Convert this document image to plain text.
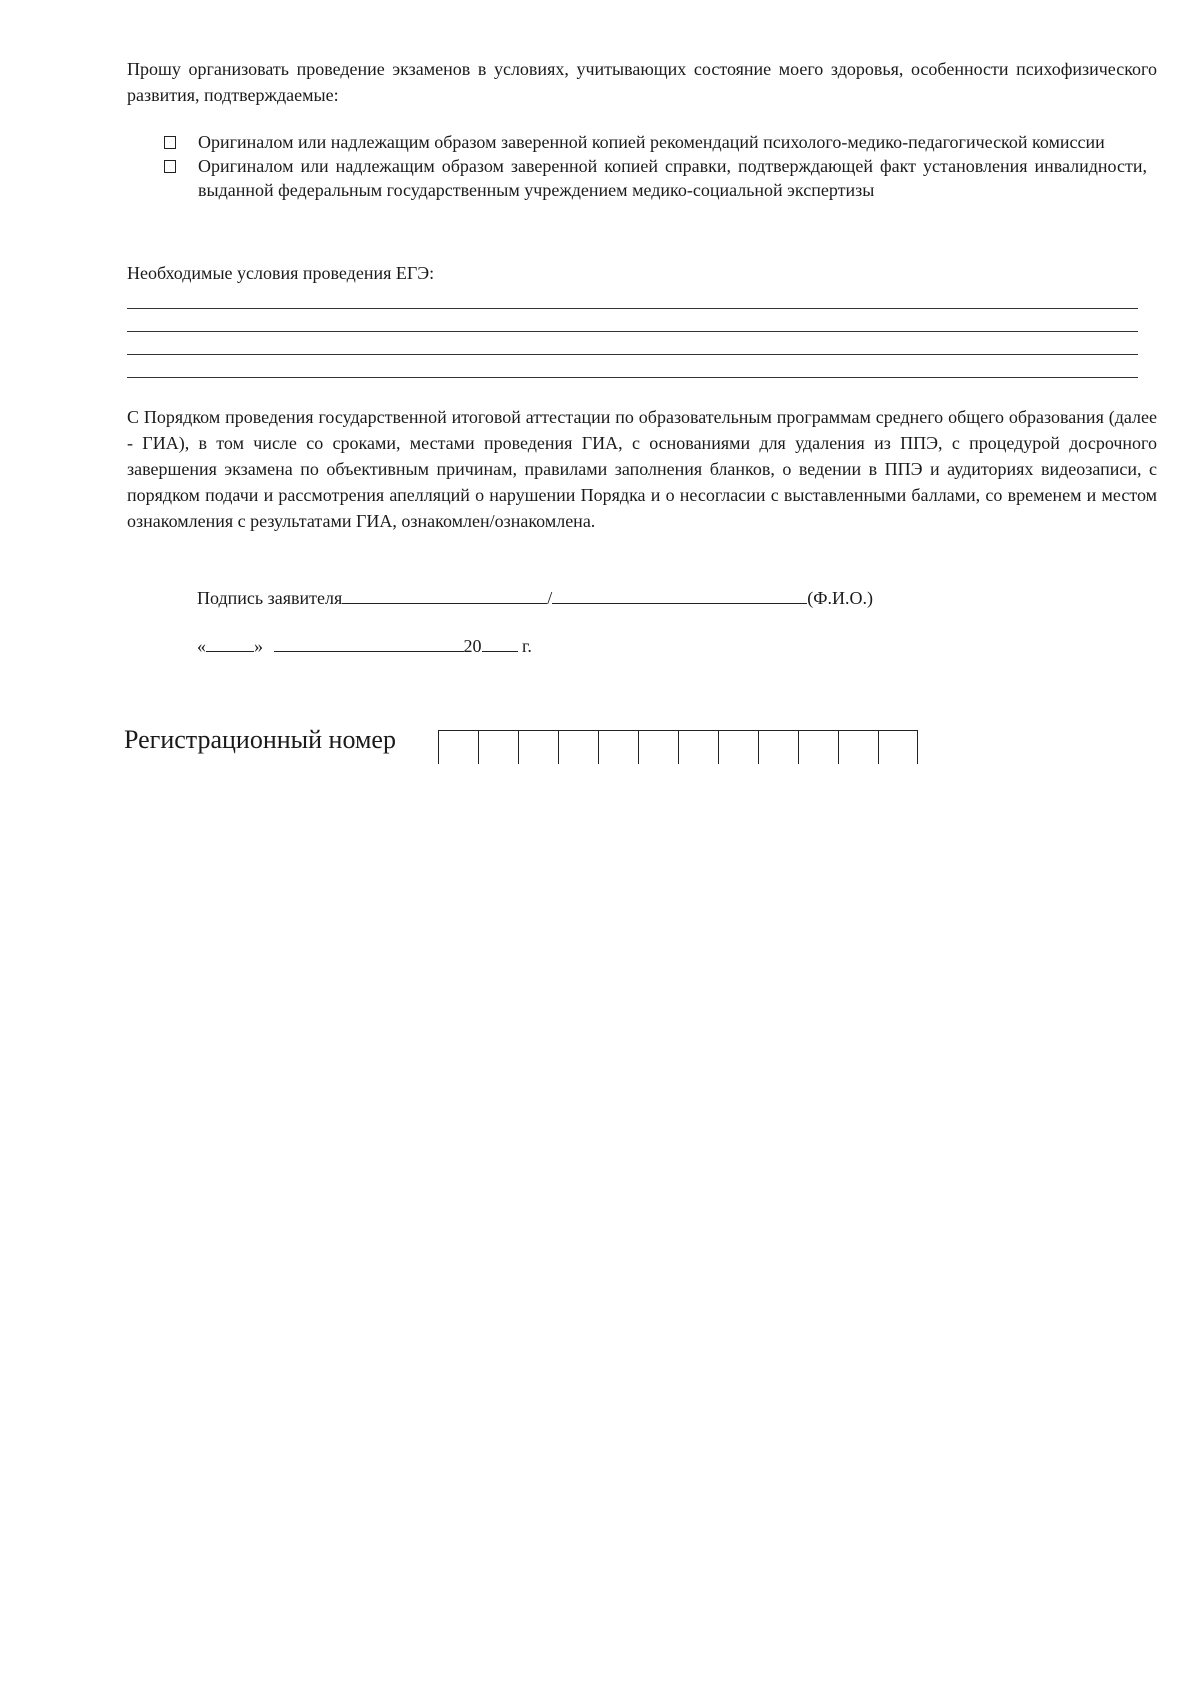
Прошу организовать проведение экзаменов в условиях, учитывающих состояние моего здоровья, особенности психофизического развития, подтверждаемые:

Оригиналом или надлежащим образом заверенной копией рекомендаций психолого-медико-педагогической комиссии
Оригиналом или надлежащим образом заверенной копией справки, подтверждающей факт установления инвалидности, выданной федеральным государственным учреждением медико-социальной экспертизы
Необходимые условия проведения ЕГЭ:

С Порядком проведения государственной итоговой аттестации по образовательным программам среднего общего образования (далее - ГИА), в том числе со сроками, местами проведения ГИА, с основаниями для удаления из ППЭ, с процедурой досрочного завершения экзамена по объективным причинам, правилами заполнения бланков, о ведении в ППЭ и аудиториях видеозаписи, с порядком подачи и рассмотрения апелляций о нарушении Порядка и о несогласии с выставленными баллами, со временем и местом ознакомления с результатами ГИА, ознакомлен/ознакомлена.

Подпись заявителя	/	(Ф.И.О.)
«	»	20 г.
Регистрационный номер
